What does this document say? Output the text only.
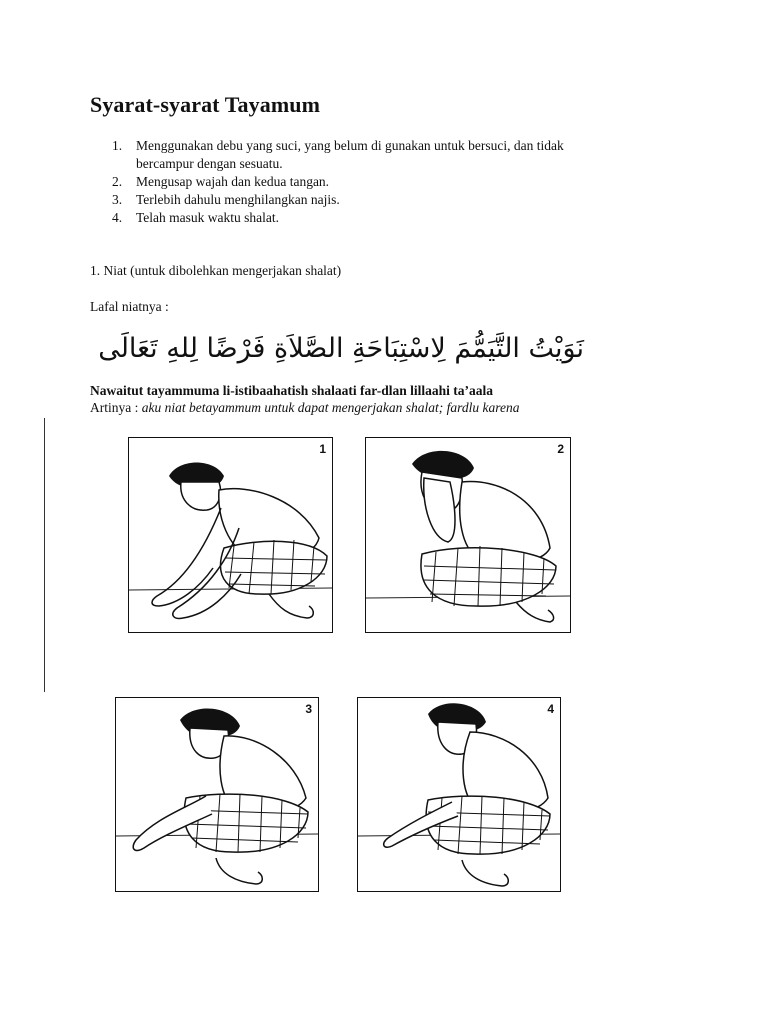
Syarat-syarat Tayamum
1. Menggunakan debu yang suci, yang belum di gunakan untuk bersuci, dan tidak
bercampur dengan sesuatu.
2. Mengusap wajah dan kedua tangan.
3. Terlebih dahulu menghilangkan najis.
4. Telah masuk waktu shalat.
1. Niat (untuk dibolehkan mengerjakan shalat)
Lafal niatnya :
نَوَيْتُ التَّيَمُّمَ لِاسْتِبَاحَةِ الصَّلاَةِ فَرْضًا لِلهِ تَعَالَى
Nawaitut tayammuma li-istibaahatish shalaati far-dlan lillaahi ta’aala
Artinya : aku niat betayammum untuk dapat mengerjakan shalat; fardlu karena
1	2
3	4
